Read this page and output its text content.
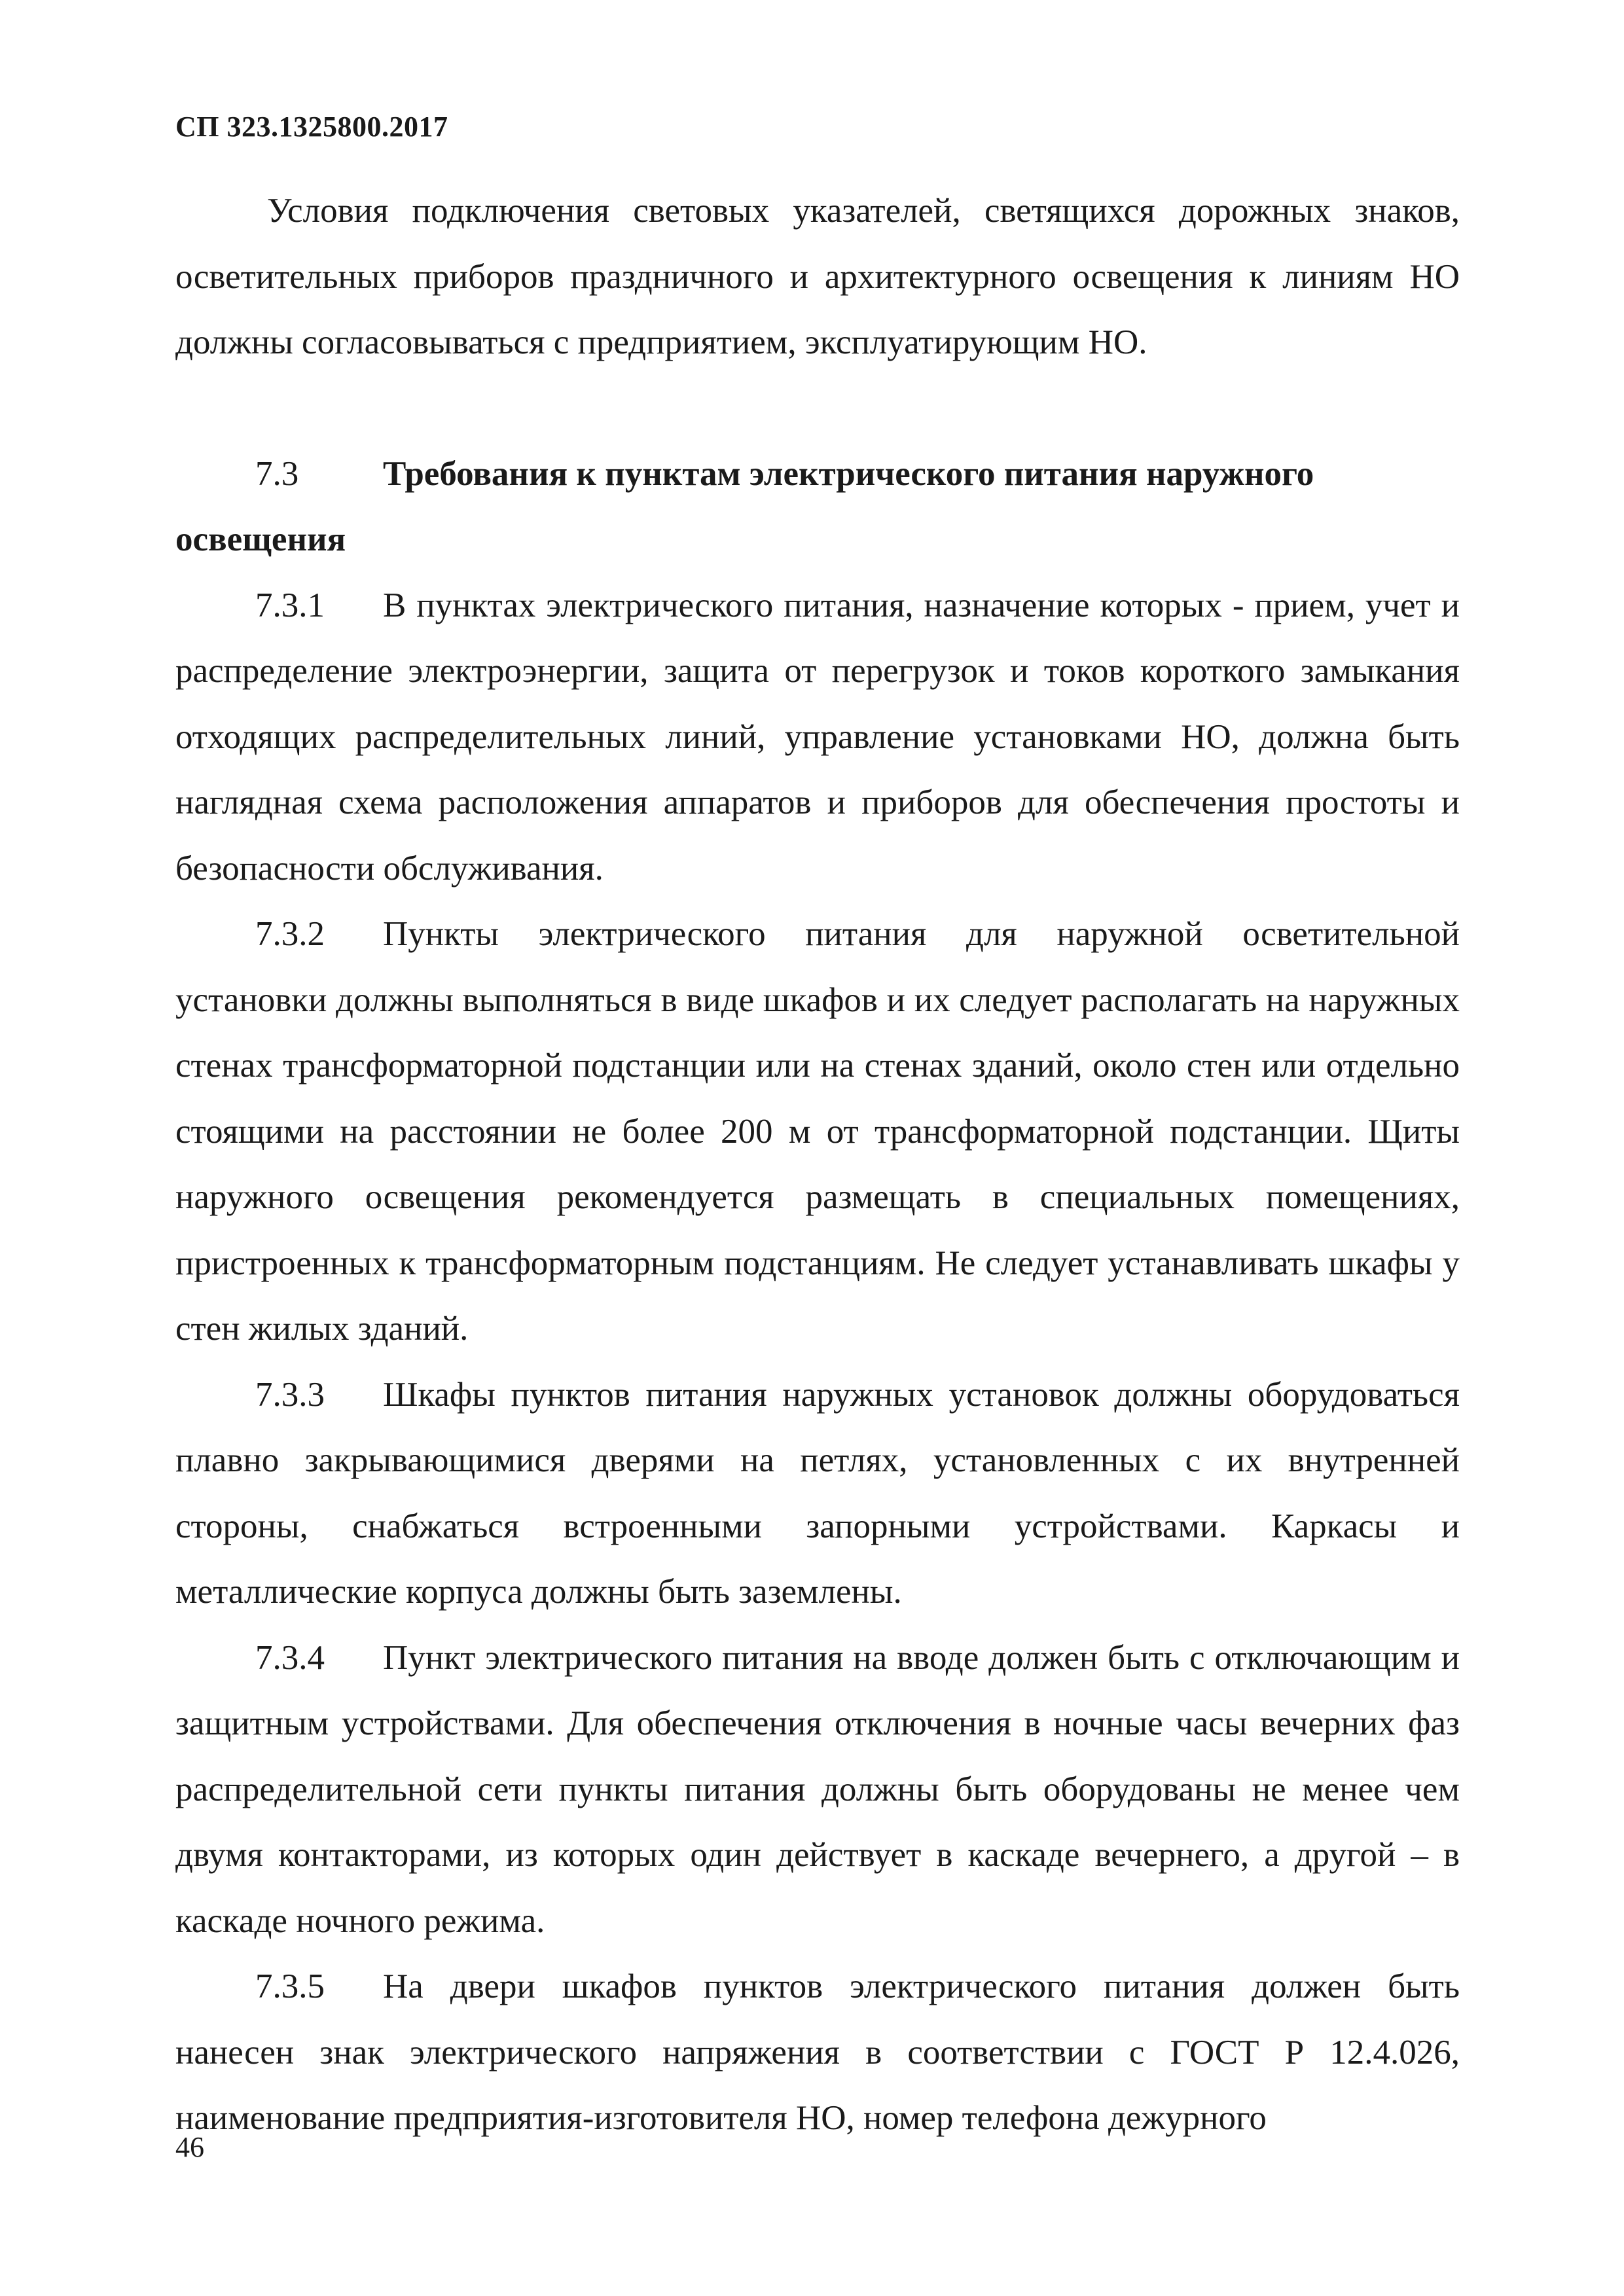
СП 323.1325800.2017

Условия подключения световых указателей, светящихся дорожных знаков, осветительных приборов праздничного и архитектурного освещения к линиям НО должны согласовываться с предприятием, эксплуатирующим НО.

7.3 Требования к пунктам электрического питания наружного освещения

7.3.1 В пунктах электрического питания, назначение которых - прием, учет и распределение электроэнергии, защита от перегрузок и токов короткого замыкания отходящих распределительных линий, управление установками НО, должна быть наглядная схема расположения аппаратов и приборов для обеспечения простоты и безопасности обслуживания.

7.3.2 Пункты электрического питания для наружной осветительной установки должны выполняться в виде шкафов и их следует располагать на наружных стенах трансформаторной подстанции или на стенах зданий, около стен или отдельно стоящими на расстоянии не более 200 м от трансформаторной подстанции. Щиты наружного освещения рекомендуется размещать в специальных помещениях, пристроенных к трансформаторным подстанциям. Не следует устанавливать шкафы у стен жилых зданий.

7.3.3 Шкафы пунктов питания наружных установок должны оборудоваться плавно закрывающимися дверями на петлях, установленных с их внутренней стороны, снабжаться встроенными запорными устройствами. Каркасы и металлические корпуса должны быть заземлены.

7.3.4 Пункт электрического питания на вводе должен быть с отключающим и защитным устройствами. Для обеспечения отключения в ночные часы вечерних фаз распределительной сети пункты питания должны быть оборудованы не менее чем двумя контакторами, из которых один действует в каскаде вечернего, а другой – в каскаде ночного режима.

7.3.5 На двери шкафов пунктов электрического питания должен быть нанесен знак электрического напряжения в соответствии с ГОСТ Р 12.4.026, наименование предприятия-изготовителя НО, номер телефона дежурного

46
